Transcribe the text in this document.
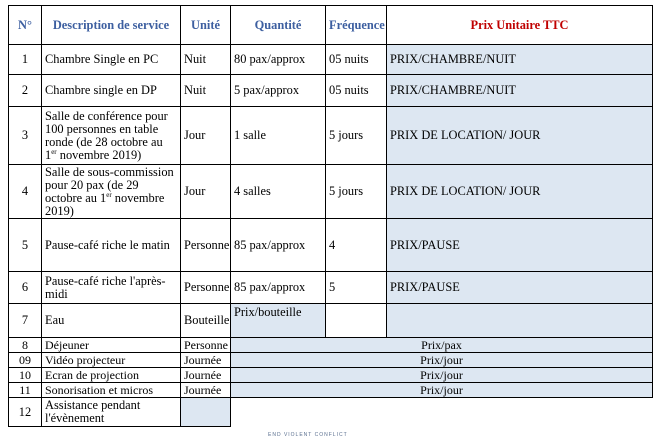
N°	Description de service	Unité	Quantité	Fréquence	Prix Unitaire TTC
1	Chambre Single en PC	Nuit	80 pax/approx	05 nuits	PRIX/CHAMBRE/NUIT
2	Chambre single en DP	Nuit	5 pax/approx	05 nuits	PRIX/CHAMBRE/NUIT
3	Salle de conférence pour 100 personnes en table ronde (de 28 octobre au 1er novembre 2019)	Jour	1 salle	5 jours	PRIX DE LOCATION/ JOUR
4	Salle de sous-commission pour 20 pax (de 29 octobre au 1er novembre 2019)	Jour	4 salles	5 jours	PRIX DE LOCATION/ JOUR
5	Pause-café riche le matin	Personne	85 pax/approx	4	PRIX/PAUSE
6	Pause-café riche l'après-midi	Personne	85 pax/approx	5	PRIX/PAUSE
7	Eau	Bouteille	Prix/bouteille		
8	Déjeuner	Personne	Prix/pax		
09	Vidéo projecteur	Journée	Prix/jour		
10	Ecran de projection	Journée	Prix/jour		
11	Sonorisation et micros	Journée	Prix/jour		
12	Assistance pendant l'évènement				
END VIOLENT CONFLICT
